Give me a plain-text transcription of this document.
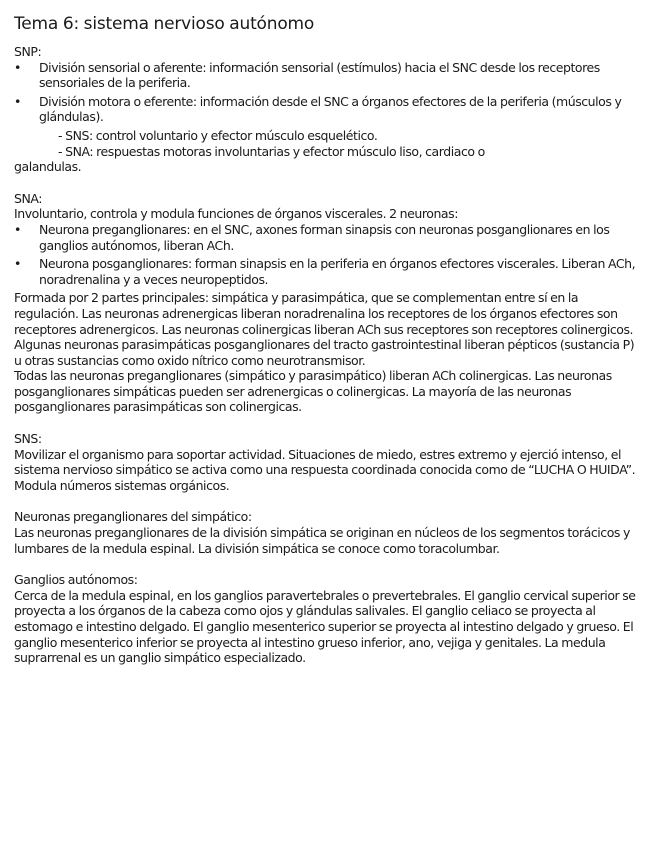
Tema 6: sistema nervioso autónomo

SNP:

• División sensorial o aferente: información sensorial (estímulos) hacia el SNC desde los receptores sensoriales de la periferia.
• División motora o eferente: información desde el SNC a órganos efectores de la periferia (músculos y glándulas).

- SNS: control voluntario y efector músculo esquelético.

- SNA: respuestas motoras involuntarias y efector músculo liso, cardiaco o

galandulas.

SNA:

Involuntario, controla y modula funciones de órganos viscerales. 2 neuronas:

• Neurona preganglionares: en el SNC, axones forman sinapsis con neuronas posganglionares en los ganglios autónomos, liberan ACh.
• Neurona posganglionares: forman sinapsis en la periferia en órganos efectores viscerales. Liberan ACh, noradrenalina y a veces neuropeptidos.

Formada por 2 partes principales: simpática y parasimpática, que se complementan entre sí en la regulación. Las neuronas adrenergicas liberan noradrenalina los receptores de los órganos efectores son receptores adrenergicos. Las neuronas colinergicas liberan ACh sus receptores son receptores colinergicos.

Algunas neuronas parasimpáticas posganglionares del tracto gastrointestinal liberan pépticos (sustancia P) u otras sustancias como oxido nítrico como neurotransmisor.

Todas las neuronas preganglionares (simpático y parasimpático) liberan ACh colinergicas. Las neuronas posganglionares simpáticas pueden ser adrenergicas o colinergicas. La mayoría de las neuronas posganglionares parasimpáticas son colinergicas.

SNS:

Movilizar el organismo para soportar actividad. Situaciones de miedo, estres extremo y ejerció intenso, el sistema nervioso simpático se activa como una respuesta coordinada conocida como de “LUCHA O HUIDA”. Modula números sistemas orgánicos.

Neuronas preganglionares del simpático:

Las neuronas preganglionares de la división simpática se originan en núcleos de los segmentos torácicos y lumbares de la medula espinal. La división simpática se conoce como toracolumbar.

Ganglios autónomos:

Cerca de la medula espinal, en los ganglios paravertebrales o prevertebrales. El ganglio cervical superior se proyecta a los órganos de la cabeza como ojos y glándulas salivales. El ganglio celiaco se proyecta al estomago e intestino delgado. El ganglio mesenterico superior se proyecta al intestino delgado y grueso. El ganglio mesenterico inferior se proyecta al intestino grueso inferior, ano, vejiga y genitales. La medula suprarrenal es un ganglio simpático especializado.
